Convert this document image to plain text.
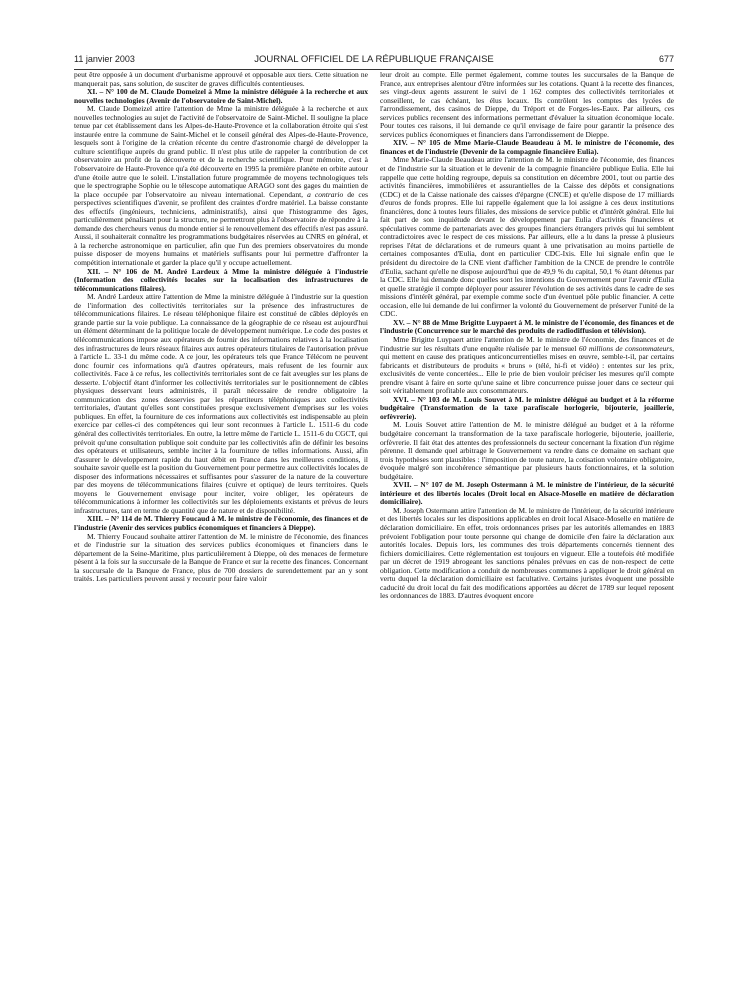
11 janvier 2003	JOURNAL OFFICIEL DE LA RÉPUBLIQUE FRANÇAISE	677

peut être opposée à un document d'urbanisme approuvé et opposable aux tiers. Cette situation ne manquerait pas, sans solution, de susciter de graves difficultés contentieuses.

XI. – N° 100 de M. Claude Domeizel à Mme la ministre déléguée à la recherche et aux nouvelles technologies (Avenir de l'observatoire de Saint-Michel).

M. Claude Domeizel attire l'attention de Mme la ministre déléguée à la recherche et aux nouvelles technologies au sujet de l'activité de l'observatoire de Saint-Michel. Il souligne la place tenue par cet établissement dans les Alpes-de-Haute-Provence et la collaboration étroite qui s'est instaurée entre la commune de Saint-Michel et le conseil général des Alpes-de-Haute-Provence, lesquels sont à l'origine de la création récente du centre d'astronomie chargé de développer la culture scientifique auprès du grand public. Il n'est plus utile de rappeler la contribution de cet observatoire au profit de la découverte et de la recherche scientifique. Pour mémoire, c'est à l'observatoire de Haute-Provence qu'a été découverte en 1995 la première planète en orbite autour d'une étoile autre que le soleil. L'installation future programmée de moyens technologiques tels que le spectrographe Sophie ou le télescope automatique ARAGO sont des gages du maintien de la place occupée par l'observatoire au niveau international. Cependant, a contrario de ces perspectives scientifiques d'avenir, se profilent des craintes d'ordre matériel. La baisse constante des effectifs (ingénieurs, techniciens, administratifs), ainsi que l'histogramme des âges, particulièrement pénalisant pour la structure, ne permettront plus à l'observatoire de répondre à la demande des chercheurs venus du monde entier si le renouvellement des effectifs n'est pas assuré. Aussi, il souhaiterait connaître les programmations budgétaires réservées au CNRS en général, et à la recherche astronomique en particulier, afin que l'un des premiers observatoires du monde puisse disposer de moyens humains et matériels suffisants pour lui permettre d'affronter la compétition internationale et garder la place qu'il y occupe actuellement.

XII. – N° 106 de M. André Lardeux à Mme la ministre déléguée à l'industrie (Information des collectivités locales sur la localisation des infrastructures de télécommunications filaires).

M. André Lardeux attire l'attention de Mme la ministre déléguée à l'industrie sur la question de l'information des collectivités territoriales sur la présence des infrastructures de télécommunications filaires. Le réseau téléphonique filaire est constitué de câbles déployés en grande partie sur la voie publique. La connaissance de la géographie de ce réseau est aujourd'hui un élément déterminant de la politique locale de développement numérique. Le code des postes et télécommunications impose aux opérateurs de fournir des informations relatives à la localisation des infrastructures de leurs réseaux filaires aux autres opérateurs titulaires de l'autorisation prévue à l'article L. 33-1 du même code. A ce jour, les opérateurs tels que France Télécom ne peuvent donc fournir ces informations qu'à d'autres opérateurs, mais refusent de les fournir aux collectivités. Face à ce refus, les collectivités territoriales sont de ce fait aveugles sur les plans de desserte. L'objectif étant d'informer les collectivités territoriales sur le positionnement de câbles physiques desservant leurs administrés, il paraît nécessaire de rendre obligatoire la communication des zones desservies par les répartiteurs téléphoniques aux collectivités territoriales, d'autant qu'elles sont constituées presque exclusivement d'emprises sur les voies publiques. En effet, la fourniture de ces informations aux collectivités est indispensable au plein exercice par celles-ci des compétences qui leur sont reconnues à l'article L. 1511-6 du code général des collectivités territoriales. En outre, la lettre même de l'article L. 1511-6 du CGCT, qui prévoit qu'une consultation publique soit conduite par les collectivités afin de définir les besoins des opérateurs et utilisateurs, semble inciter à la fourniture de telles informations. Aussi, afin d'assurer le développement rapide du haut débit en France dans les meilleures conditions, il souhaite savoir quelle est la position du Gouvernement pour permettre aux collectivités locales de disposer des informations nécessaires et suffisantes pour s'assurer de la nature de la couverture par des moyens de télécommunications filaires (cuivre et optique) de leurs territoires. Quels moyens le Gouvernement envisage pour inciter, voire obliger, les opérateurs de télécommunications à informer les collectivités sur les déploiements existants et prévus de leurs infrastructures, tant en terme de quantité que de nature et de disponibilité.

XIII. – N° 114 de M. Thierry Foucaud à M. le ministre de l'économie, des finances et de l'industrie (Avenir des services publics économiques et financiers à Dieppe).

M. Thierry Foucaud souhaite attirer l'attention de M. le ministre de l'économie, des finances et de l'industrie sur la situation des services publics économiques et financiers dans le département de la Seine-Maritime, plus particulièrement à Dieppe, où des menaces de fermeture pèsent à la fois sur la succursale de la Banque de France et sur la recette des finances. Concernant la succursale de la Banque de France, plus de 700 dossiers de surendettement par an y sont traités. Les particuliers peuvent aussi y recourir pour faire valoir

leur droit au compte. Elle permet également, comme toutes les succursales de la Banque de France, aux entreprises alentour d'être informées sur les cotations. Quant à la recette des finances, ses vingt-deux agents assurent le suivi de 1 162 comptes des collectivités territoriales et conseillent, le cas échéant, les élus locaux. Ils contrôlent les comptes des lycées de l'arrondissement, des casinos de Dieppe, du Tréport et de Forges-les-Eaux. Par ailleurs, ces services publics recensent des informations permettant d'évaluer la situation économique locale. Pour toutes ces raisons, il lui demande ce qu'il envisage de faire pour garantir la présence des services publics économiques et financiers dans l'arrondissement de Dieppe.

XIV. – N° 105 de Mme Marie-Claude Beaudeau à M. le ministre de l'économie, des finances et de l'industrie (Devenir de la compagnie financière Eulia).

Mme Marie-Claude Beaudeau attire l'attention de M. le ministre de l'économie, des finances et de l'industrie sur la situation et le devenir de la compagnie financière publique Eulia. Elle lui rappelle que cette holding regroupe, depuis sa constitution en décembre 2001, tout ou partie des activités financières, immobilières et assurantielles de la Caisse des dépôts et consignations (CDC) et de la Caisse nationale des caisses d'épargne (CNCE) et qu'elle dispose de 17 milliards d'euros de fonds propres. Elle lui rappelle également que la loi assigne à ces deux institutions financières, donc à toutes leurs filiales, des missions de service public et d'intérêt général. Elle lui fait part de son inquiétude devant le développement par Eulia d'activités financières et spéculatives comme de partenariats avec des groupes financiers étrangers privés qui lui semblent contradictoires avec le respect de ces missions. Par ailleurs, elle a lu dans la presse à plusieurs reprises l'état de déclarations et de rumeurs quant à une privatisation au moins partielle de certaines composantes d'Eulia, dont en particulier CDC-Ixis. Elle lui signale enfin que le président du directoire de la CNE vient d'afficher l'ambition de la CNCE de prendre le contrôle d'Eulia, sachant qu'elle ne dispose aujourd'hui que de 49,9 % du capital, 50,1 % étant détenus par la CDC. Elle lui demande donc quelles sont les intentions du Gouvernement pour l'avenir d'Eulia et quelle stratégie il compte déployer pour assurer l'évolution de ses activités dans le cadre de ses missions d'intérêt général, par exemple comme socle d'un éventuel pôle public financier. A cette occasion, elle lui demande de lui confirmer la volonté du Gouvernement de préserver l'unité de la CDC.

XV. – N° 88 de Mme Brigitte Luypaert à M. le ministre de l'économie, des finances et de l'industrie (Concurrence sur le marché des produits de radiodiffusion et télévision).

Mme Brigitte Luypaert attire l'attention de M. le ministre de l'économie, des finances et de l'industrie sur les résultats d'une enquête réalisée par le mensuel 60 millions de consommateurs, qui mettent en cause des pratiques anticoncurrentielles mises en œuvre, semble-t-il, par certains fabricants et distributeurs de produits « bruns » (télé, hi-fi et vidéo) : ententes sur les prix, exclusivités de vente concertées... Elle le prie de bien vouloir préciser les mesures qu'il compte prendre visant à faire en sorte qu'une saine et libre concurrence puisse jouer dans ce secteur qui soit véritablement profitable aux consommateurs.

XVI. – N° 103 de M. Louis Souvet à M. le ministre délégué au budget et à la réforme budgétaire (Transformation de la taxe parafiscale horlogerie, bijouterie, joaillerie, orfèvrerie).

M. Louis Souvet attire l'attention de M. le ministre délégué au budget et à la réforme budgétaire concernant la transformation de la taxe parafiscale horlogerie, bijouterie, joaillerie, orfèvrerie. Il fait état des attentes des professionnels du secteur concernant la fixation d'un régime pérenne. Il demande quel arbitrage le Gouvernement va rendre dans ce domaine en sachant que trois hypothèses sont plausibles : l'imposition de toute nature, la cotisation volontaire obligatoire, évoquée malgré son incohérence sémantique par plusieurs hauts fonctionnaires, et la solution budgétaire.

XVII. – N° 107 de M. Joseph Ostermann à M. le ministre de l'intérieur, de la sécurité intérieure et des libertés locales (Droit local en Alsace-Moselle en matière de déclaration domiciliaire).

M. Joseph Ostermann attire l'attention de M. le ministre de l'intérieur, de la sécurité intérieure et des libertés locales sur les dispositions applicables en droit local Alsace-Moselle en matière de déclaration domiciliaire. En effet, trois ordonnances prises par les autorités allemandes en 1883 prévoient l'obligation pour toute personne qui change de domicile d'en faire la déclaration aux autorités locales. Depuis lors, les communes des trois départements concernés tiennent des fichiers domiciliaires. Cette réglementation est toujours en vigueur. Elle a toutefois été modifiée par un décret de 1919 abrogeant les sanctions pénales prévues en cas de non-respect de cette obligation. Cette modification a conduit de nombreuses communes à appliquer le droit général en vertu duquel la déclaration domiciliaire est facultative. Certains juristes évoquent une possible caducité du droit local du fait des modifications apportées au décret de 1789 sur lequel reposent les ordonnances de 1883. D'autres évoquent encore
